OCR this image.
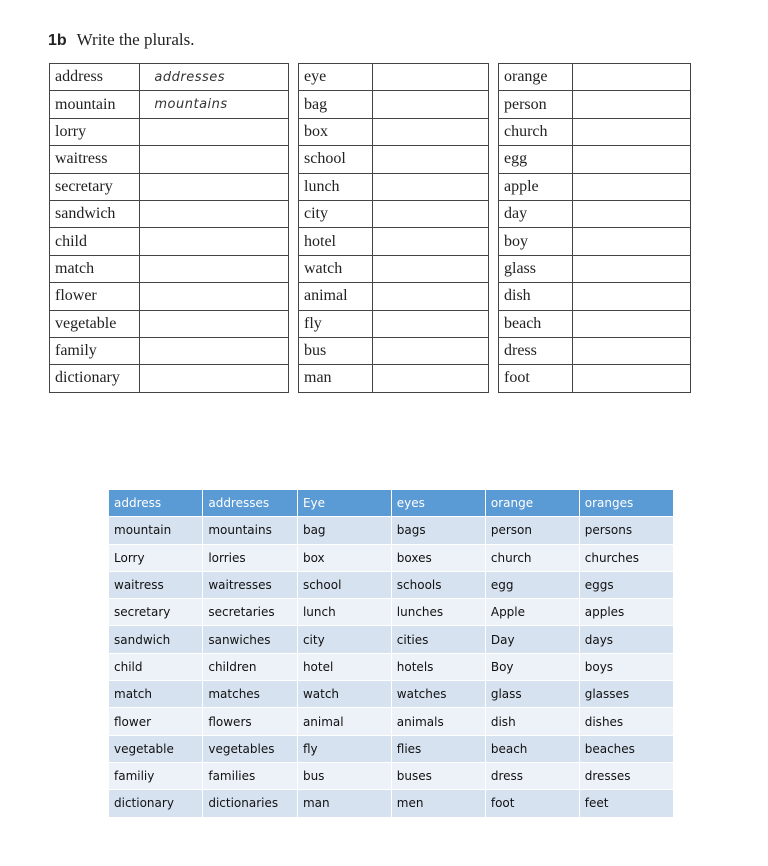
1b Write the plurals.
address	addresses
mountain	mountains
lorry	
waitress	
secretary	
sandwich	
child	
match	
flower	
vegetable	
family	
dictionary	
eye	
bag	
box	
school	
lunch	
city	
hotel	
watch	
animal	
fly	
bus	
man	
orange	
person	
church	
egg	
apple	
day	
boy	
glass	
dish	
beach	
dress	
foot	
address	addresses	Eye	eyes	orange	oranges
mountain	mountains	bag	bags	person	persons
Lorry	lorries	box	boxes	church	churches
waitress	waitresses	school	schools	egg	eggs
secretary	secretaries	lunch	lunches	Apple	apples
sandwich	sanwiches	city	cities	Day	days
child	children	hotel	hotels	Boy	boys
match	matches	watch	watches	glass	glasses
flower	flowers	animal	animals	dish	dishes
vegetable	vegetables	fly	flies	beach	beaches
familiy	families	bus	buses	dress	dresses
dictionary	dictionaries	man	men	foot	feet
